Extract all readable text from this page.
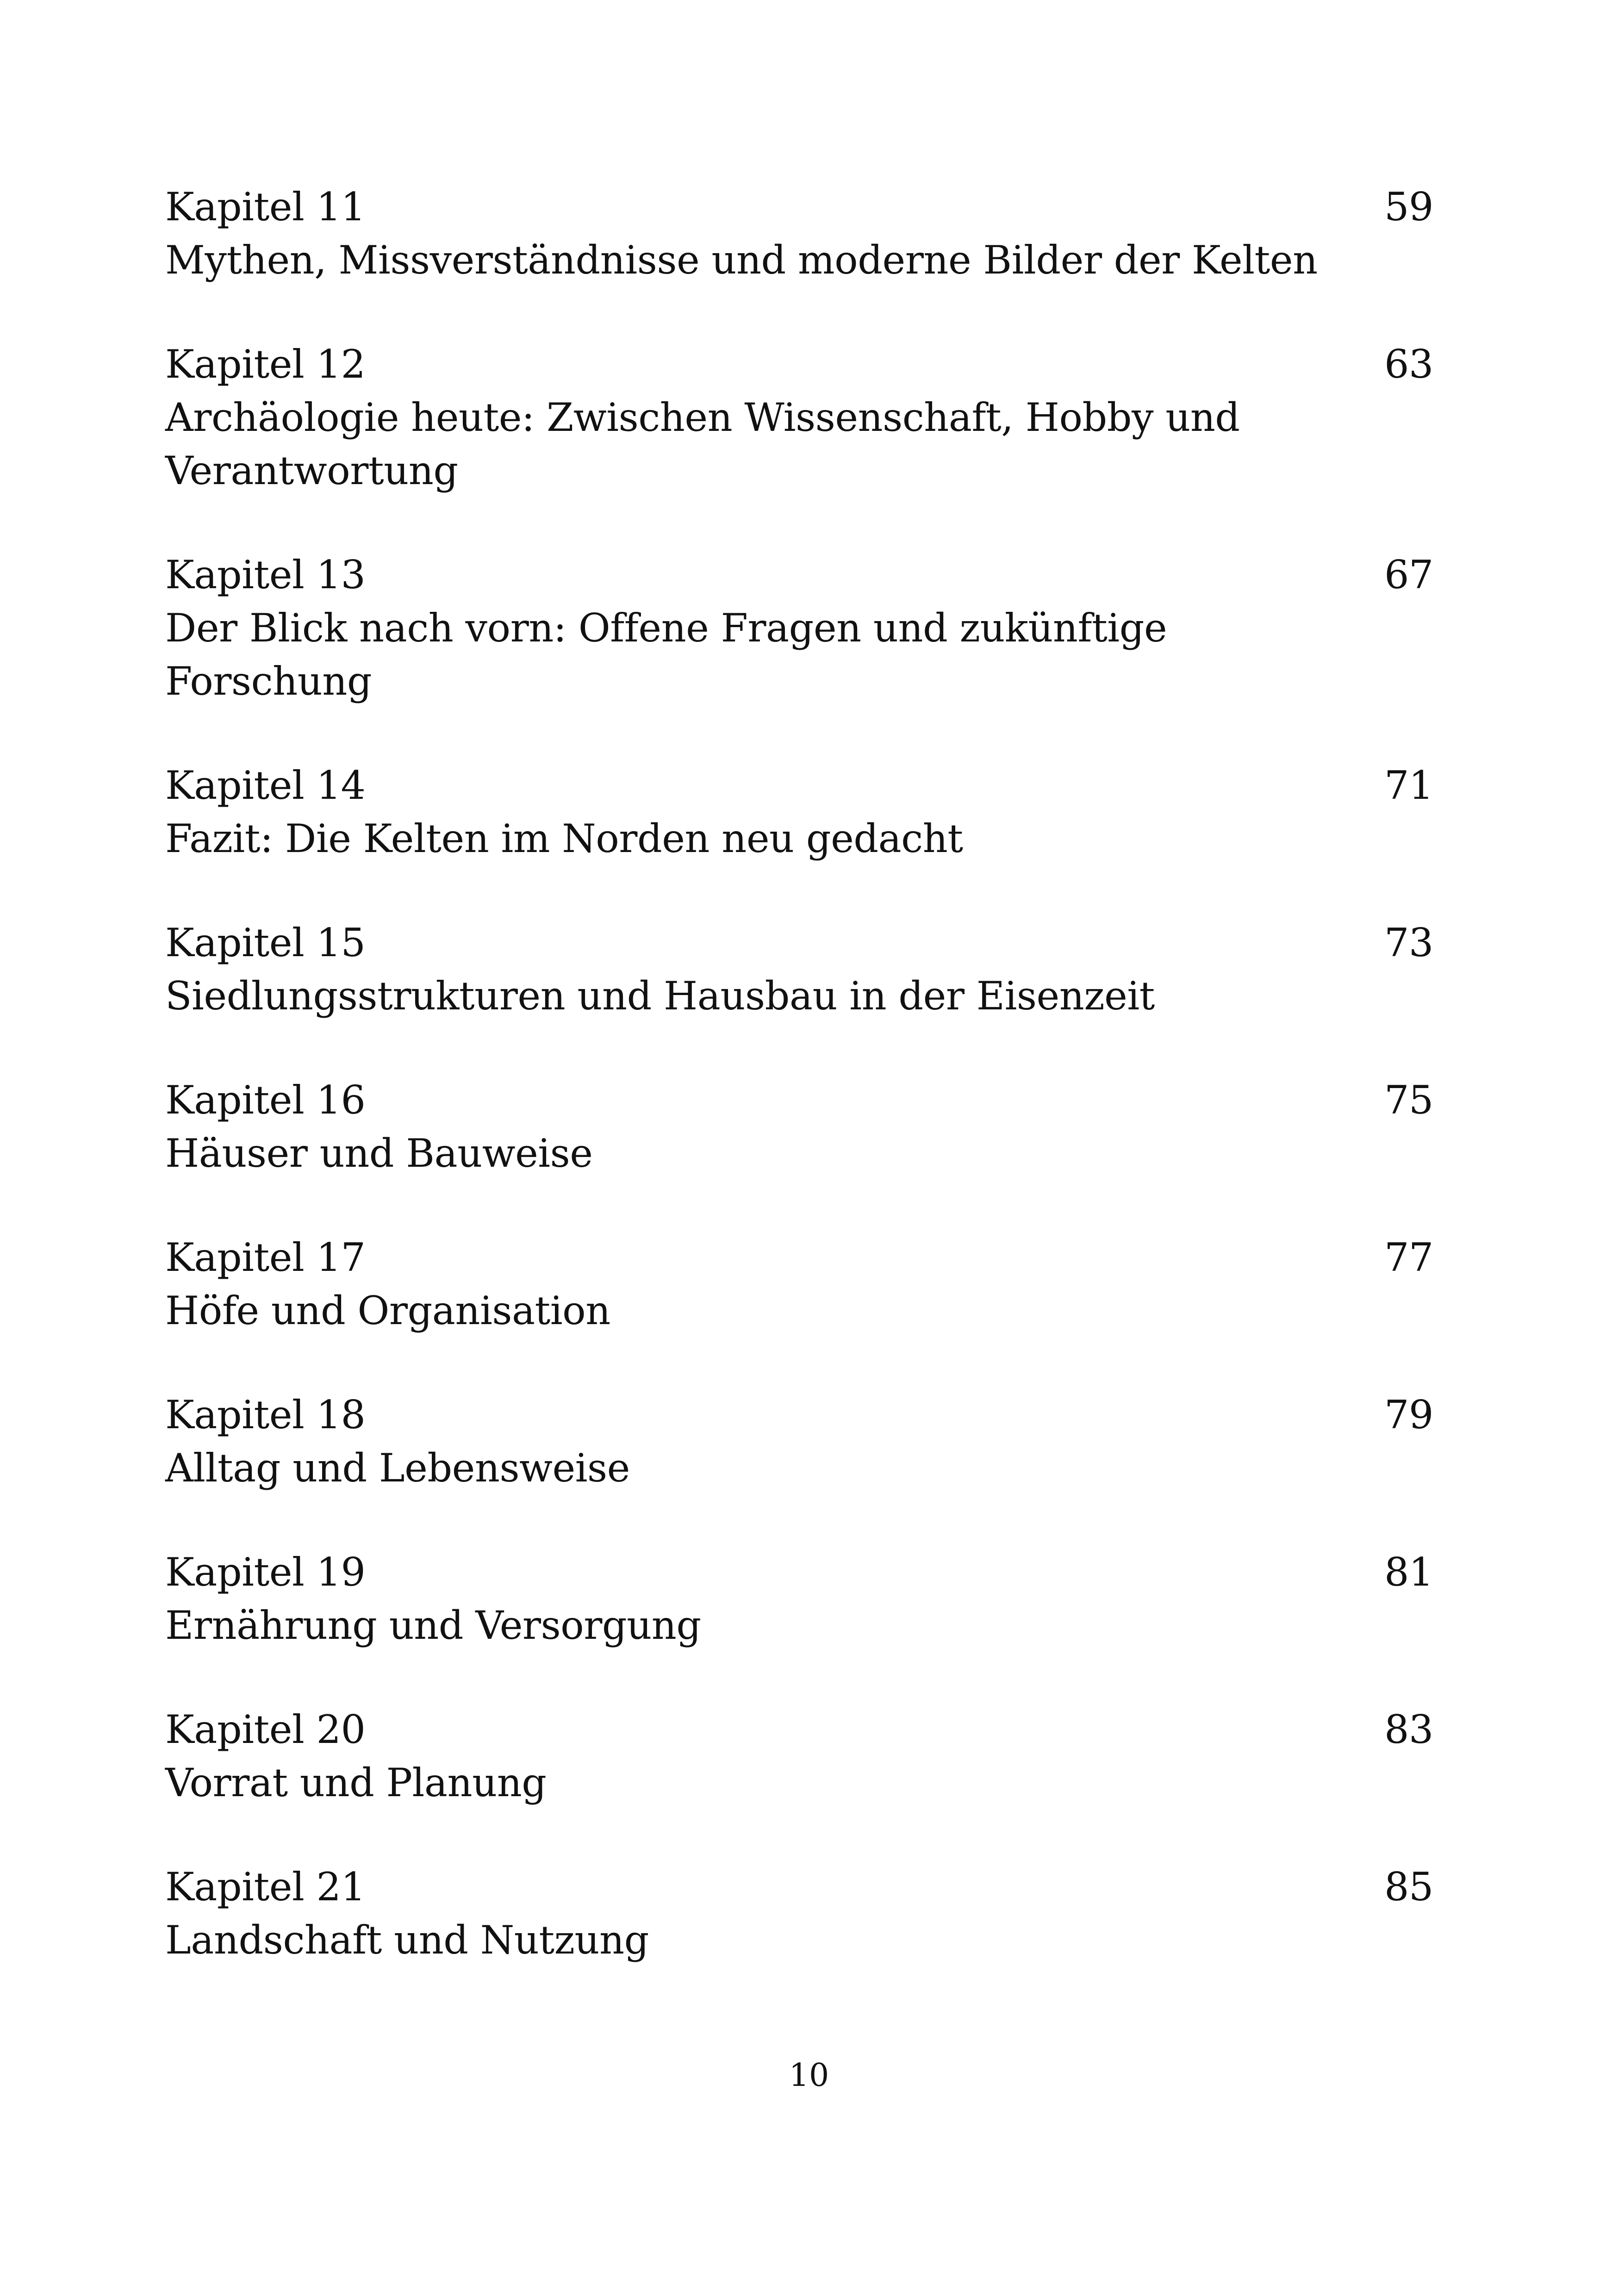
Kapitel 11	59
Mythen, Missverständnisse und moderne Bilder der Kelten
Kapitel 12	63
Archäologie heute: Zwischen Wissenschaft, Hobby und Verantwortung
Kapitel 13	67
Der Blick nach vorn: Offene Fragen und zukünftige Forschung
Kapitel 14	71
Fazit: Die Kelten im Norden neu gedacht
Kapitel 15	73
Siedlungsstrukturen und Hausbau in der Eisenzeit
Kapitel 16	75
Häuser und Bauweise
Kapitel 17	77
Höfe und Organisation
Kapitel 18	79
Alltag und Lebensweise
Kapitel 19	81
Ernährung und Versorgung
Kapitel 20	83
Vorrat und Planung
Kapitel 21	85
Landschaft und Nutzung
10
